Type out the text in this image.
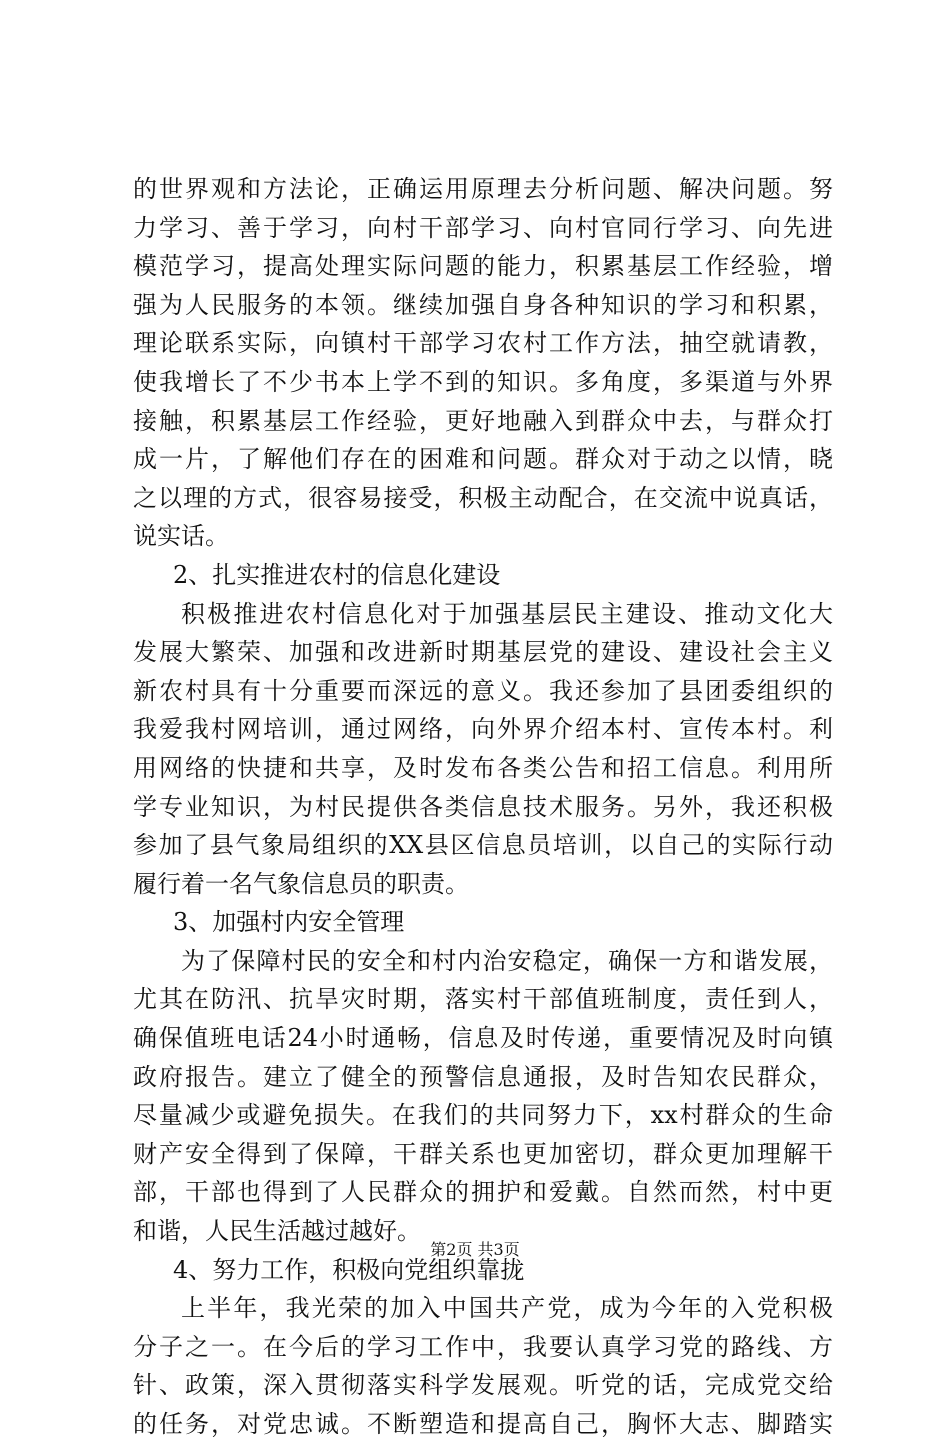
的世界观和方法论，正确运用原理去分析问题、解决问题。努
力学习、善于学习，向村干部学习、向村官同行学习、向先进
模范学习，提高处理实际问题的能力，积累基层工作经验，增
强为人民服务的本领。继续加强自身各种知识的学习和积累，
理论联系实际，向镇村干部学习农村工作方法，抽空就请教，
使我增长了不少书本上学不到的知识。多角度，多渠道与外界
接触，积累基层工作经验，更好地融入到群众中去，与群众打
成一片，了解他们存在的困难和问题。群众对于动之以情，晓
之以理的方式，很容易接受，积极主动配合，在交流中说真话，
说实话。
2、扎实推进农村的信息化建设
积极推进农村信息化对于加强基层民主建设、推动文化大
发展大繁荣、加强和改进新时期基层党的建设、建设社会主义
新农村具有十分重要而深远的意义。我还参加了县团委组织的
我爱我村网培训，通过网络，向外界介绍本村、宣传本村。利
用网络的快捷和共享，及时发布各类公告和招工信息。利用所
学专业知识，为村民提供各类信息技术服务。另外，我还积极
参加了县气象局组织的XX县区信息员培训，以自己的实际行动
履行着一名气象信息员的职责。
3、加强村内安全管理
为了保障村民的安全和村内治安稳定，确保一方和谐发展，
尤其在防汛、抗旱灾时期，落实村干部值班制度，责任到人，
确保值班电话24小时通畅，信息及时传递，重要情况及时向镇
政府报告。建立了健全的预警信息通报，及时告知农民群众，
尽量减少或避免损失。在我们的共同努力下，xx村群众的生命
财产安全得到了保障，干群关系也更加密切，群众更加理解干
部，干部也得到了人民群众的拥护和爱戴。自然而然，村中更
和谐，人民生活越过越好。
4、努力工作，积极向党组织靠拢
上半年，我光荣的加入中国共产党，成为今年的入党积极
分子之一。在今后的学习工作中，我要认真学习党的路线、方
针、政策，深入贯彻落实科学发展观。听党的话，完成党交给
的任务，对党忠诚。不断塑造和提高自己，胸怀大志、脚踏实
第2页 共3页
